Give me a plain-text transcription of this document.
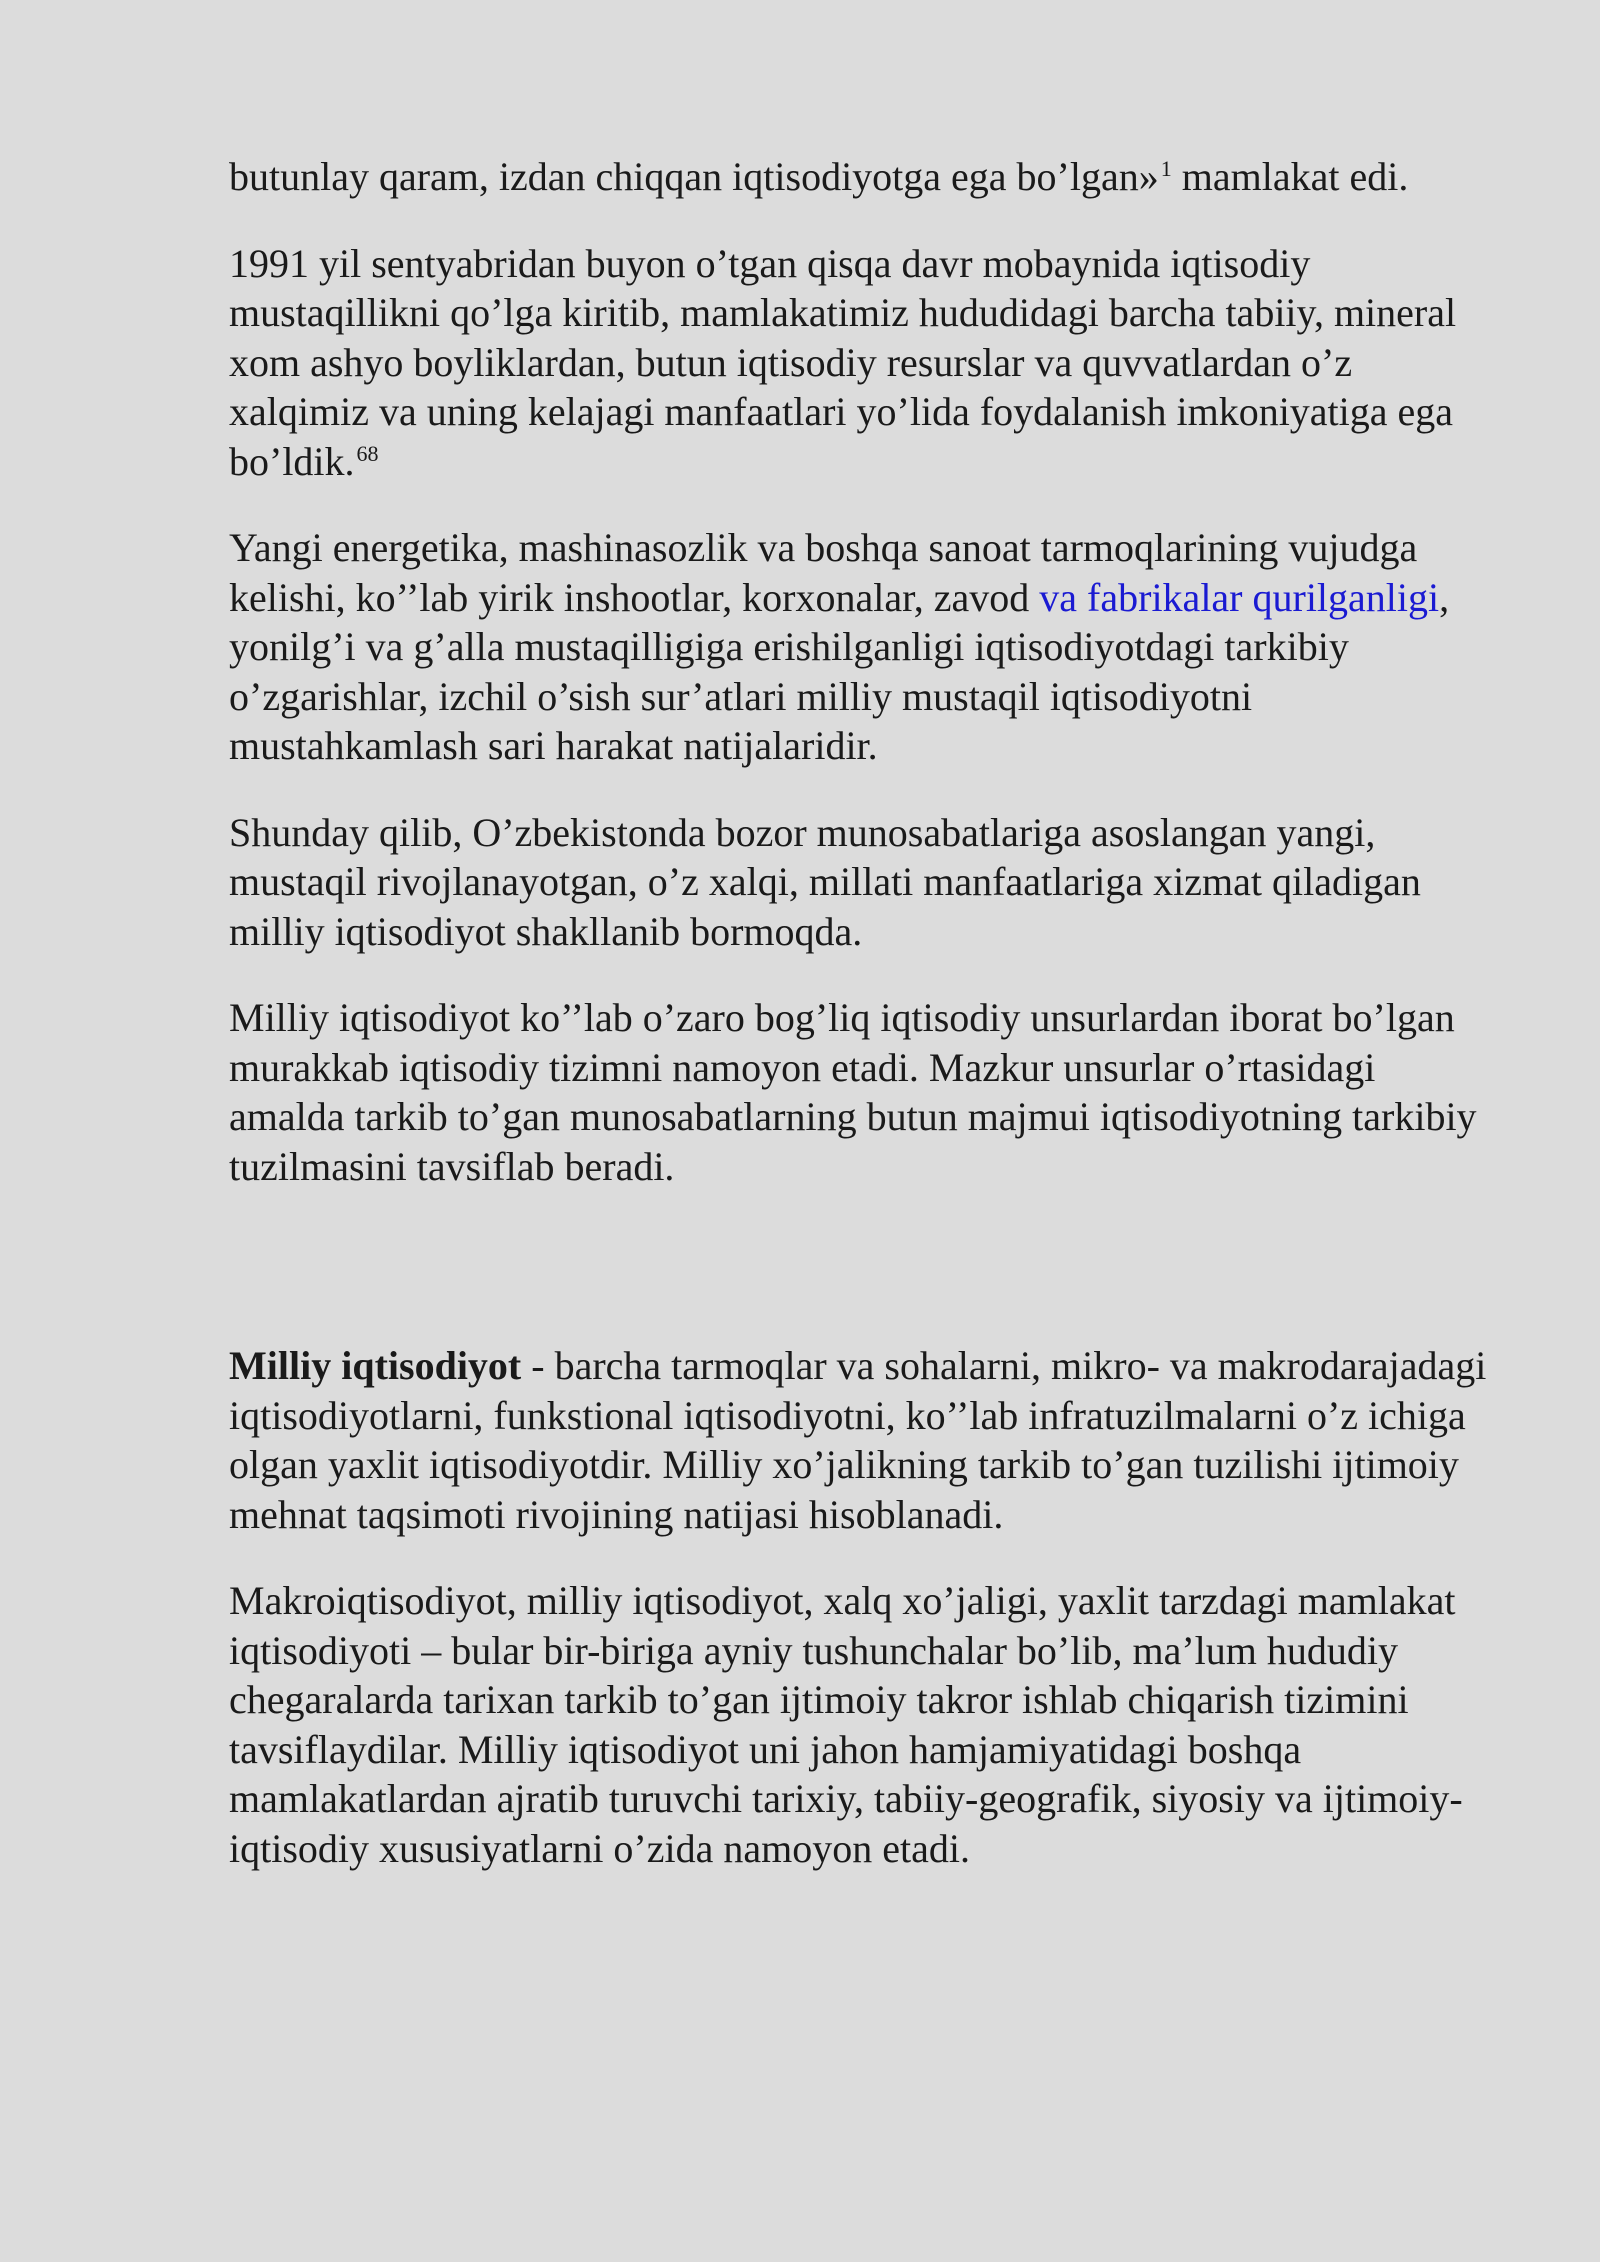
butunlay qaram, izdan chiqqan iqtisodiyotga ega bo’lgan»$^1$ mamlakat edi.

1991 yil sentyabridan buyon o’tgan qisqa davr mobaynida iqtisodiy mustaqillikni qo’lga kiritib, mamlakatimiz hududidagi barcha tabiiy, mineral xom ashyo boyliklardan, butun iqtisodiy resurslar va quvvatlardan o’z xalqimiz va uning kelajagi manfaatlari yo’lida foydalanish imkoniyatiga ega bo’ldik.$^{68}$

Yangi energetika, mashinasozlik va boshqa sanoat tarmoqlarining vujudga kelishi, ko’’lab yirik inshootlar, korxonalar, zavod va fabrikalar qurilganligi, yonilg’i va g’alla mustaqilligiga erishilganligi iqtisodiyotdagi tarkibiy o’zgarishlar, izchil o’sish sur’atlari milliy mustaqil iqtisodiyotni mustahkamlash sari harakat natijalaridir.

Shunday qilib, O’zbekistonda bozor munosabatlariga asoslangan yangi, mustaqil rivojlanayotgan, o’z xalqi, millati manfaatlariga xizmat qiladigan milliy iqtisodiyot shakllanib bormoqda.

Milliy iqtisodiyot ko’’lab o’zaro bog’liq iqtisodiy unsurlardan iborat bo’lgan murakkab iqtisodiy tizimni namoyon etadi. Mazkur unsurlar o’rtasidagi amalda tarkib to’gan munosabatlarning butun majmui iqtisodiyotning tarkibiy tuzilmasini tavsiflab beradi.

Milliy iqtisodiyot - barcha tarmoqlar va sohalarni, mikro- va makrodarajadagi iqtisodiyotlarni, funkstional iqtisodiyotni, ko’’lab infratuzilmalarni o’z ichiga olgan yaxlit iqtisodiyotdir. Milliy xo’jalikning tarkib to’gan tuzilishi ijtimoiy mehnat taqsimoti rivojining natijasi hisoblanadi.

Makroiqtisodiyot, milliy iqtisodiyot, xalq xo’jaligi, yaxlit tarzdagi mamlakat iqtisodiyoti – bular bir-biriga ayniy tushunchalar bo’lib, ma’lum hududiy chegaralarda tarixan tarkib to’gan ijtimoiy takror ishlab chiqarish tizimini tavsiflaydilar. Milliy iqtisodiyot uni jahon hamjamiyatidagi boshqa mamlakatlardan ajratib turuvchi tarixiy, tabiiy-geografik, siyosiy va ijtimoiy-iqtisodiy xususiyatlarni o’zida namoyon etadi.
